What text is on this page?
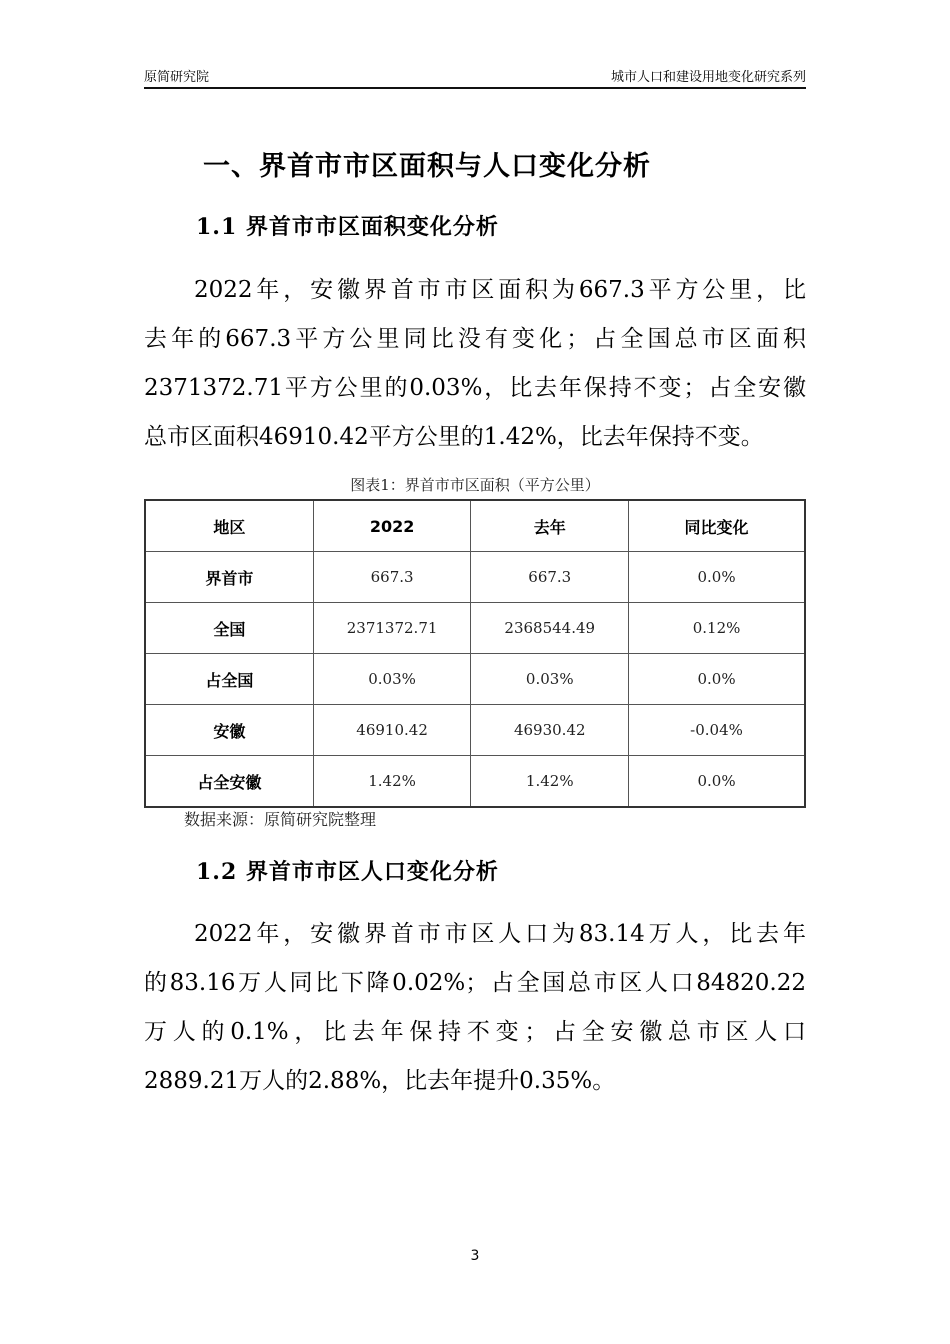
原简研究院	城市人口和建设用地变化研究系列
一、界首市市区面积与人口变化分析
1.1 界首市市区面积变化分析
2022年，安徽界首市市区面积为667.3平方公里，比
去年的667.3平方公里同比没有变化；占全国总市区面积
2371372.71平方公里的0.03%，比去年保持不变；占全安徽
总市区面积46910.42平方公里的1.42%，比去年保持不变。
图表1：界首市市区面积（平方公里）
地区	2022	去年	同比变化
界首市	667.3	667.3	0.0%
全国	2371372.71	2368544.49	0.12%
占全国	0.03%	0.03%	0.0%
安徽	46910.42	46930.42	-0.04%
占全安徽	1.42%	1.42%	0.0%
数据来源：原简研究院整理
1.2 界首市市区人口变化分析
2022年，安徽界首市市区人口为83.14万人，比去年
的83.16万人同比下降0.02%；占全国总市区人口84820.22
万人的0.1%，比去年保持不变；占全安徽总市区人口
2889.21万人的2.88%，比去年提升0.35%。
3
